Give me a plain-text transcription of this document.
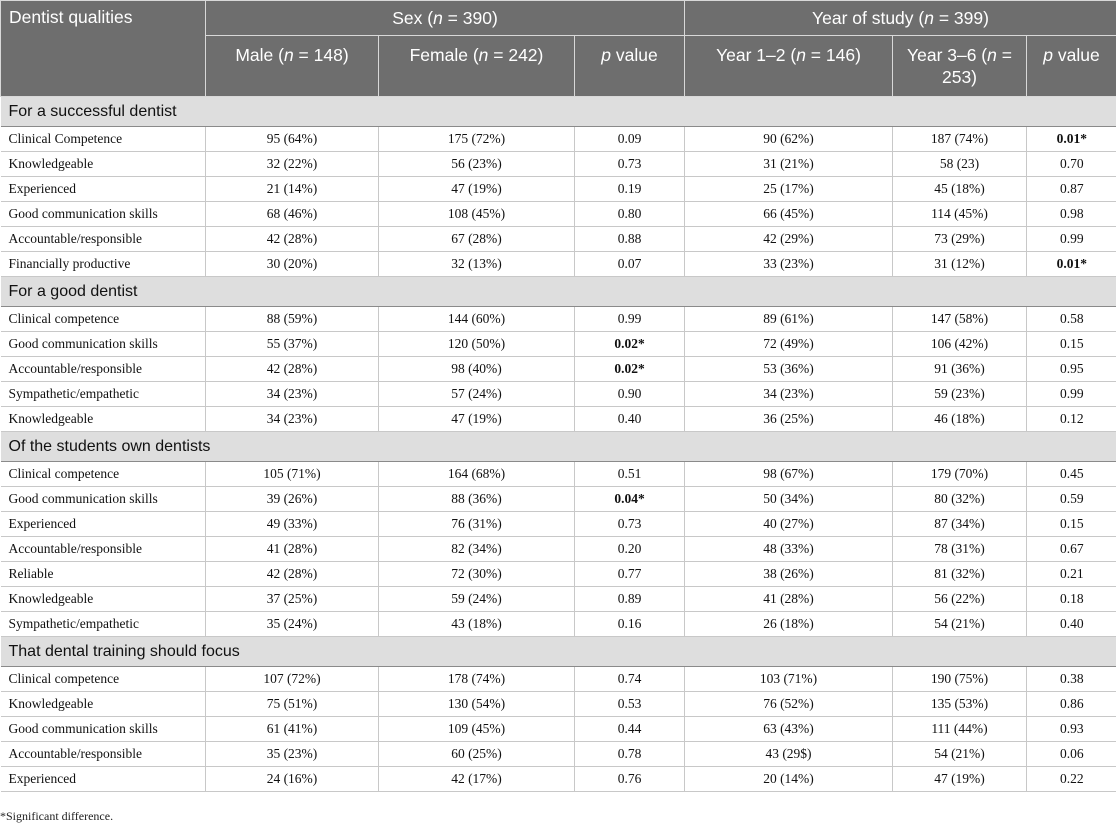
Dentist qualities	Sex (n = 390)			Year of study (n = 399)		
	Male (n = 148)	Female (n = 242)	p value	Year 1–2 (n = 146)	Year 3–6 (n = 253)	p value
For a successful dentist						
Clinical Competence	95 (64%)	175 (72%)	0.09	90 (62%)	187 (74%)	0.01*
Knowledgeable	32 (22%)	56 (23%)	0.73	31 (21%)	58 (23)	0.70
Experienced	21 (14%)	47 (19%)	0.19	25 (17%)	45 (18%)	0.87
Good communication skills	68 (46%)	108 (45%)	0.80	66 (45%)	114 (45%)	0.98
Accountable/responsible	42 (28%)	67 (28%)	0.88	42 (29%)	73 (29%)	0.99
Financially productive	30 (20%)	32 (13%)	0.07	33 (23%)	31 (12%)	0.01*
For a good dentist						
Clinical competence	88 (59%)	144 (60%)	0.99	89 (61%)	147 (58%)	0.58
Good communication skills	55 (37%)	120 (50%)	0.02*	72 (49%)	106 (42%)	0.15
Accountable/responsible	42 (28%)	98 (40%)	0.02*	53 (36%)	91 (36%)	0.95
Sympathetic/empathetic	34 (23%)	57 (24%)	0.90	34 (23%)	59 (23%)	0.99
Knowledgeable	34 (23%)	47 (19%)	0.40	36 (25%)	46 (18%)	0.12
Of the students own dentists						
Clinical competence	105 (71%)	164 (68%)	0.51	98 (67%)	179 (70%)	0.45
Good communication skills	39 (26%)	88 (36%)	0.04*	50 (34%)	80 (32%)	0.59
Experienced	49 (33%)	76 (31%)	0.73	40 (27%)	87 (34%)	0.15
Accountable/responsible	41 (28%)	82 (34%)	0.20	48 (33%)	78 (31%)	0.67
Reliable	42 (28%)	72 (30%)	0.77	38 (26%)	81 (32%)	0.21
Knowledgeable	37 (25%)	59 (24%)	0.89	41 (28%)	56 (22%)	0.18
Sympathetic/empathetic	35 (24%)	43 (18%)	0.16	26 (18%)	54 (21%)	0.40
That dental training should focus						
Clinical competence	107 (72%)	178 (74%)	0.74	103 (71%)	190 (75%)	0.38
Knowledgeable	75 (51%)	130 (54%)	0.53	76 (52%)	135 (53%)	0.86
Good communication skills	61 (41%)	109 (45%)	0.44	63 (43%)	111 (44%)	0.93
Accountable/responsible	35 (23%)	60 (25%)	0.78	43 (29$)	54 (21%)	0.06
Experienced	24 (16%)	42 (17%)	0.76	20 (14%)	47 (19%)	0.22
*Significant difference.
